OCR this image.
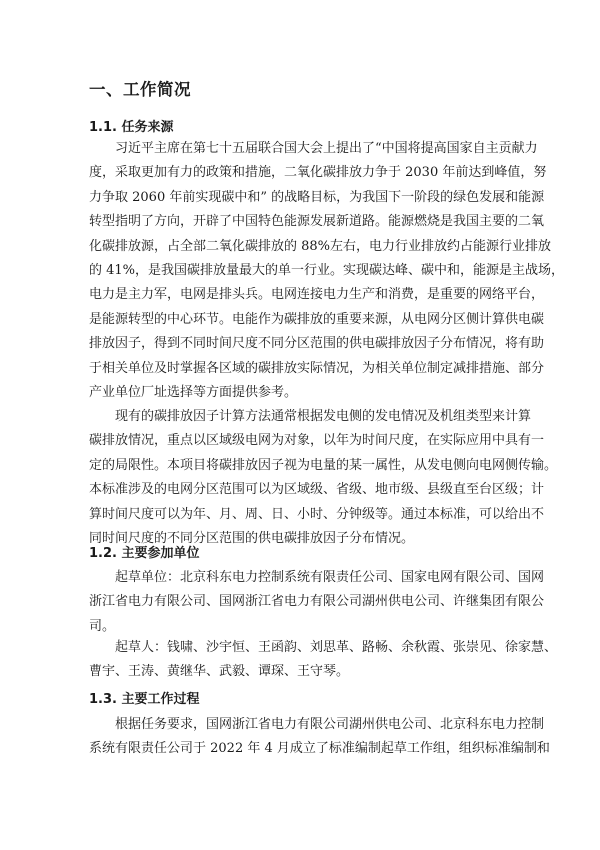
一、工作简况
1.1. 任务来源
习近平主席在第七十五届联合国大会上提出了“中国将提高国家自主贡献力
度，采取更加有力的政策和措施，二氧化碳排放力争于 2030 年前达到峰值，努
力争取 2060 年前实现碳中和” 的战略目标，为我国下一阶段的绿色发展和能源
转型指明了方向，开辟了中国特色能源发展新道路。能源燃烧是我国主要的二氧
化碳排放源，占全部二氧化碳排放的 88%左右，电力行业排放约占能源行业排放
的 41%，是我国碳排放量最大的单一行业。实现碳达峰、碳中和，能源是主战场，
电力是主力军，电网是排头兵。电网连接电力生产和消费，是重要的网络平台，
是能源转型的中心环节。电能作为碳排放的重要来源，从电网分区侧计算供电碳
排放因子，得到不同时间尺度不同分区范围的供电碳排放因子分布情况，将有助
于相关单位及时掌握各区域的碳排放实际情况，为相关单位制定减排措施、部分
产业单位厂址选择等方面提供参考。
现有的碳排放因子计算方法通常根据发电侧的发电情况及机组类型来计算
碳排放情况，重点以区域级电网为对象，以年为时间尺度，在实际应用中具有一
定的局限性。本项目将碳排放因子视为电量的某一属性，从发电侧向电网侧传输。
本标准涉及的电网分区范围可以为区域级、省级、地市级、县级直至台区级；计
算时间尺度可以为年、月、周、日、小时、分钟级等。通过本标准，可以给出不
同时间尺度的不同分区范围的供电碳排放因子分布情况。
1.2. 主要参加单位
起草单位：北京科东电力控制系统有限责任公司、国家电网有限公司、国网
浙江省电力有限公司、国网浙江省电力有限公司湖州供电公司、许继集团有限公
司。
起草人：钱啸、沙宇恒、王函韵、刘思革、路畅、余秋霞、张崇见、徐家慧、
曹宇、王涛、黄继华、武毅、谭琛、王守琴。
1.3. 主要工作过程
根据任务要求，国网浙江省电力有限公司湖州供电公司、北京科东电力控制
系统有限责任公司于 2022 年 4 月成立了标准编制起草工作组，组织标准编制和
